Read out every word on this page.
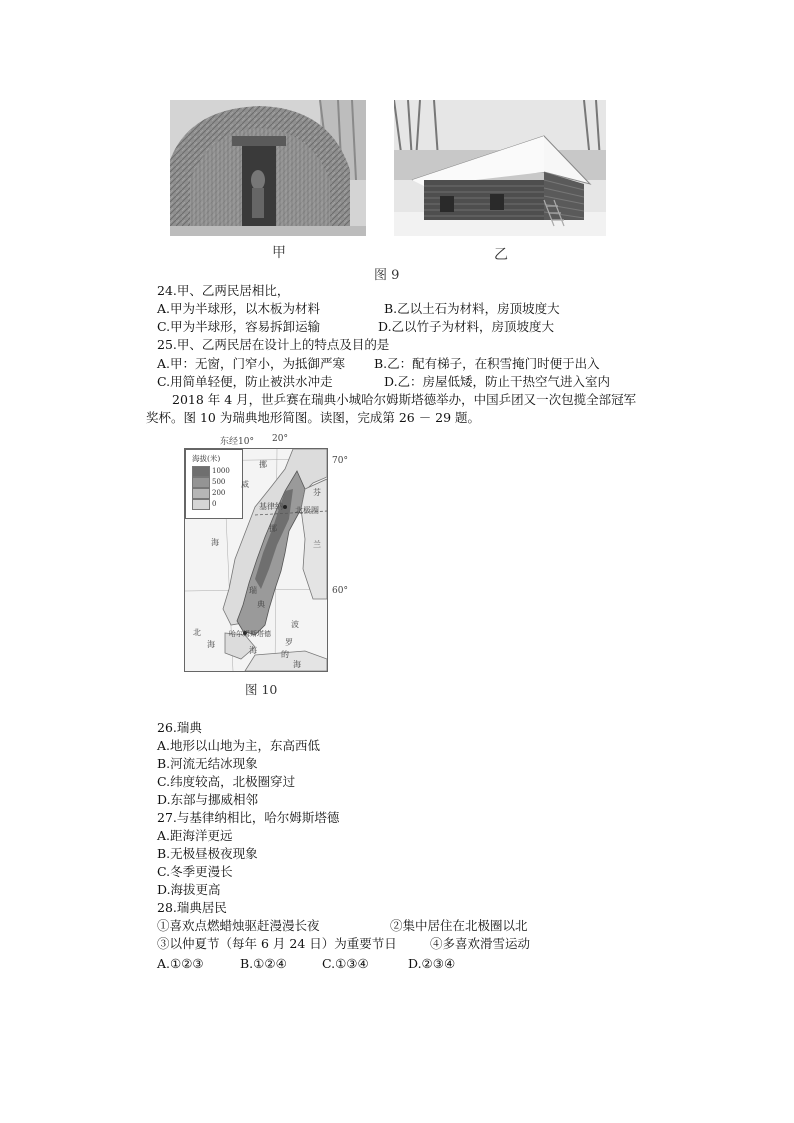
甲	乙
图 9
24.甲、乙两民居相比，
A.甲为半球形，以木板为材料	B.乙以土石为材料，房顶坡度大
C.甲为半球形，容易拆卸运输	D.乙以竹子为材料，房顶坡度大
25.甲、乙两民居在设计上的特点及目的是
A.甲：无窗，门窄小，为抵御严寒 B.乙：配有梯子，在积雪掩门时便于出入
C.用简单轻便，防止被洪水冲走	D.乙：房屋低矮，防止干热空气进入室内
2018 年 4 月，世乒赛在瑞典小城哈尔姆斯塔德举办，中国乒团又一次包揽全部冠军
奖杯。图 10 为瑞典地形简图。读图，完成第 26 － 29 题。
东经10° 20°
70°
60°
海拔(米)
1000
500
200
0
挪
威
海
芬
兰
基律纳 北极圈
瑞
典
哈尔姆斯塔德
北
海
波
罗
的
海
挪
海
图 10
26.瑞典
A.地形以山地为主，东高西低
B.河流无结冰现象
C.纬度较高，北极圈穿过
D.东部与挪威相邻
27.与基律纳相比，哈尔姆斯塔德
A.距海洋更远
B.无极昼极夜现象
C.冬季更漫长
D.海拔更高
28.瑞典居民
①喜欢点燃蜡烛驱赶漫漫长夜	②集中居住在北极圈以北
③以仲夏节（每年 6 月 24 日）为重要节日	④多喜欢滑雪运动
A.①②③	B.①②④	C.①③④	D.②③④
